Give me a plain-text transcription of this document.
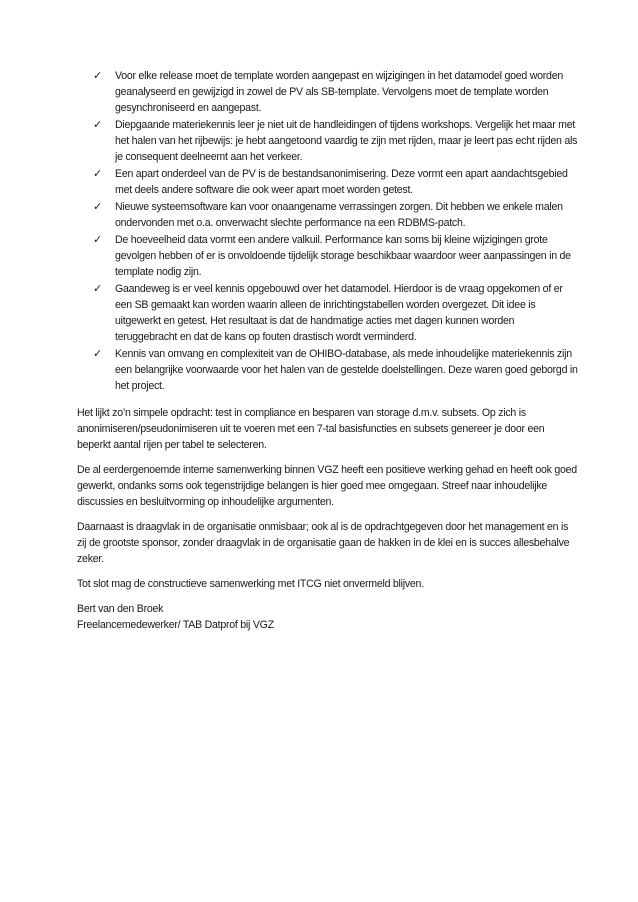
✓ Voor elke release moet de template worden aangepast en wijzigingen in het datamodel goed worden geanalyseerd en gewijzigd in zowel de PV als SB-template. Vervolgens moet de template worden gesynchroniseerd en aangepast.
✓ Diepgaande materiekennis leer je niet uit de handleidingen of tijdens workshops. Vergelijk het maar met het halen van het rijbewijs: je hebt aangetoond vaardig te zijn met rijden, maar je leert pas echt rijden als je consequent deelneemt aan het verkeer.
✓ Een apart onderdeel van de PV is de bestandsanonimisering. Deze vormt een apart aandachtsgebied met deels andere software die ook weer apart moet worden getest.
✓ Nieuwe systeemsoftware kan voor onaangename verrassingen zorgen. Dit hebben we enkele malen ondervonden met o.a. onverwacht slechte performance na een RDBMS-patch.
✓ De hoeveelheid data vormt een andere valkuil. Performance kan soms bij kleine wijzigingen grote gevolgen hebben of er is onvoldoende tijdelijk storage beschikbaar waardoor weer aanpassingen in de template nodig zijn.
✓ Gaandeweg is er veel kennis opgebouwd over het datamodel. Hierdoor is de vraag opgekomen of er een SB gemaakt kan worden waarin alleen de inrichtingstabellen worden overgezet. Dit idee is uitgewerkt en getest. Het resultaat is dat de handmatige acties met dagen kunnen worden teruggebracht en dat de kans op fouten drastisch wordt verminderd.
✓ Kennis van omvang en complexiteit van de OHIBO-database, als mede inhoudelijke materiekennis zijn een belangrijke voorwaarde voor het halen van de gestelde doelstellingen. Deze waren goed geborgd in het project.

Het lijkt zo’n simpele opdracht: test in compliance en besparen van storage d.m.v. subsets. Op zich is anonimiseren/pseudonimiseren uit te voeren met een 7-tal basisfuncties en subsets genereer je door een beperkt aantal rijen per tabel te selecteren.

De al eerdergenoemde interne samenwerking binnen VGZ heeft een positieve werking gehad en heeft ook goed gewerkt, ondanks soms ook tegenstrijdige belangen is hier goed mee omgegaan. Streef naar inhoudelijke discussies en besluitvorming op inhoudelijke argumenten.

Daarnaast is draagvlak in de organisatie onmisbaar; ook al is de opdrachtgegeven door het management en is zij de grootste sponsor, zonder draagvlak in de organisatie gaan de hakken in de klei en is succes allesbehalve zeker.

Tot slot mag de constructieve samenwerking met ITCG niet onvermeld blijven.

Bert van den Broek
Freelancemedewerker/ TAB Datprof bij VGZ
